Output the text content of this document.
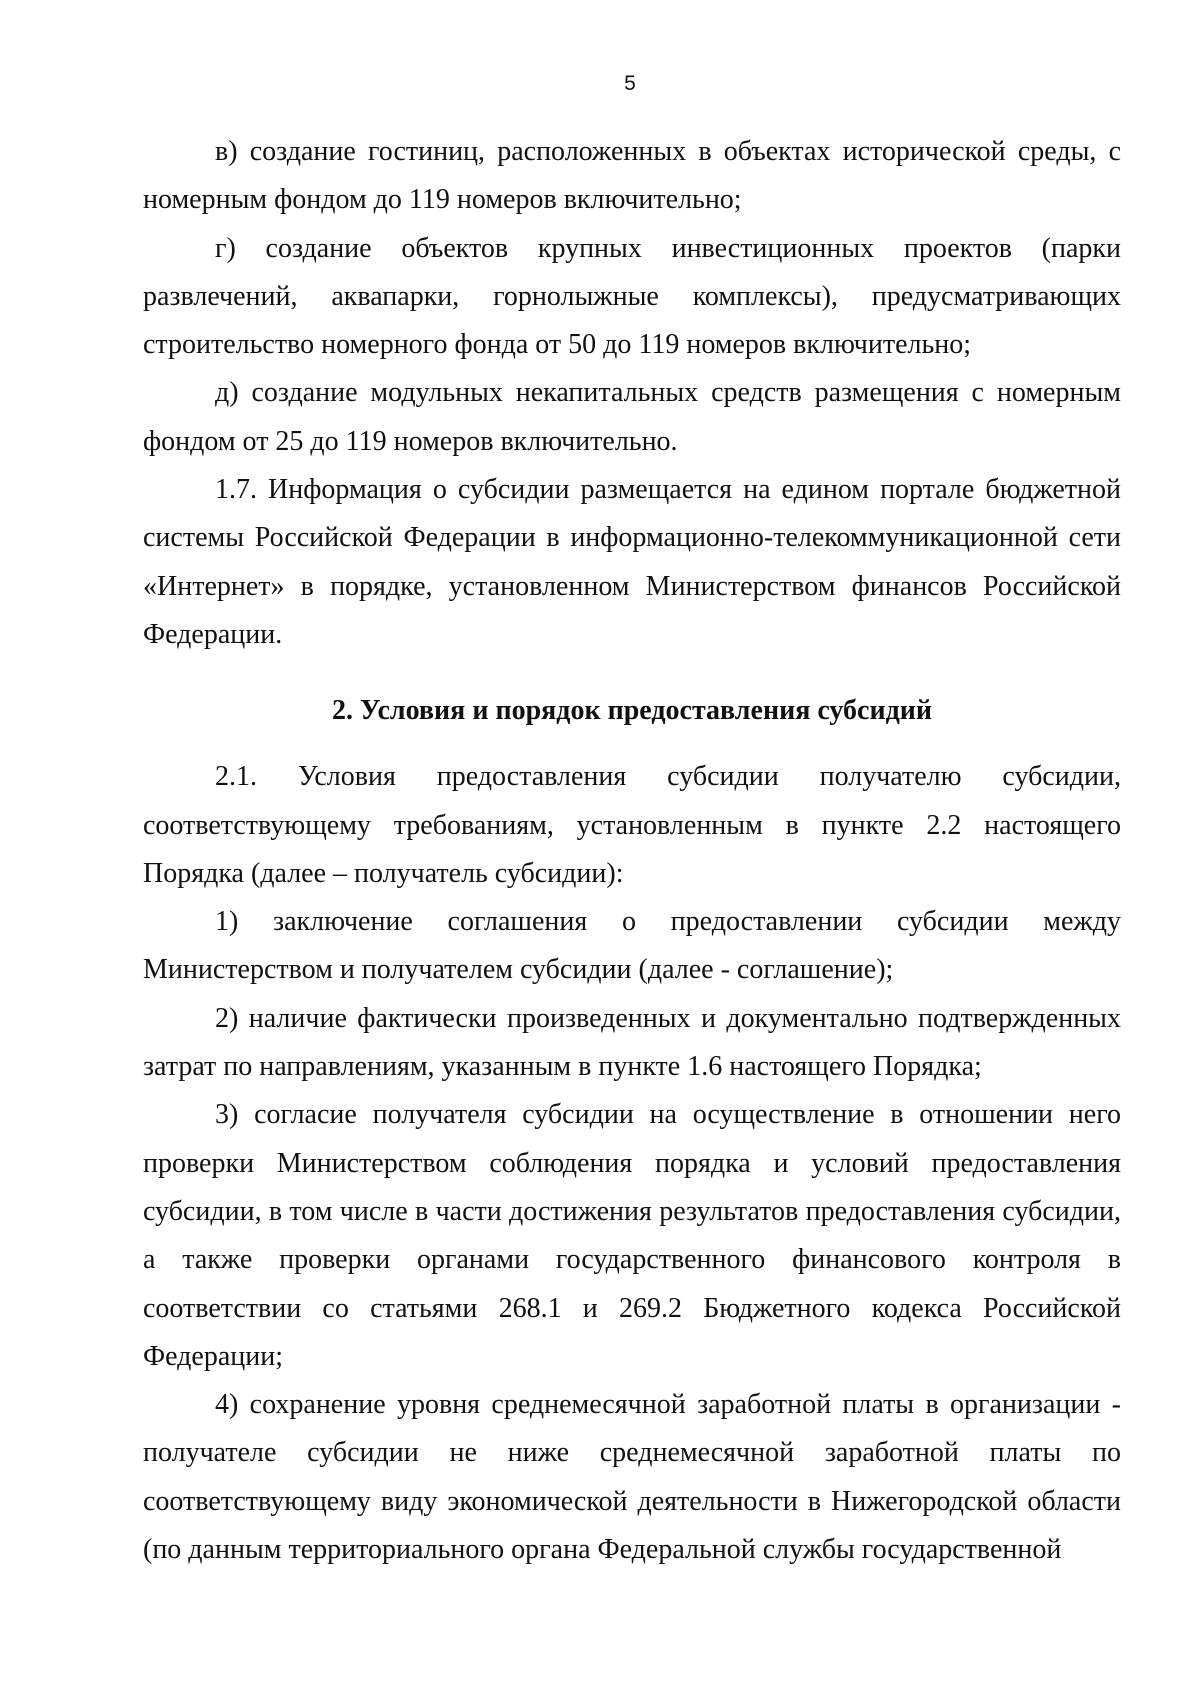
5

в) создание гостиниц, расположенных в объектах исторической среды, с номерным фондом до 119 номеров включительно;

г) создание объектов крупных инвестиционных проектов (парки развлечений, аквапарки, горнолыжные комплексы), предусматривающих строительство номерного фонда от 50 до 119 номеров включительно;

д) создание модульных некапитальных средств размещения с номерным фондом от 25 до 119 номеров включительно.

1.7. Информация о субсидии размещается на едином портале бюджетной системы Российской Федерации в информационно-телекоммуникационной сети «Интернет» в порядке, установленном Министерством финансов Российской Федерации.

2. Условия и порядок предоставления субсидий

2.1. Условия предоставления субсидии получателю субсидии, соответствующему требованиям, установленным в пункте 2.2 настоящего Порядка (далее – получатель субсидии):

1) заключение соглашения о предоставлении субсидии между Министерством и получателем субсидии (далее - соглашение);

2) наличие фактически произведенных и документально подтвержденных затрат по направлениям, указанным в пункте 1.6 настоящего Порядка;

3) согласие получателя субсидии на осуществление в отношении него проверки Министерством соблюдения порядка и условий предоставления субсидии, в том числе в части достижения результатов предоставления субсидии, а также проверки органами государственного финансового контроля в соответствии со статьями 268.1 и 269.2 Бюджетного кодекса Российской Федерации;

4) сохранение уровня среднемесячной заработной платы в организации - получателе субсидии не ниже среднемесячной заработной платы по соответствующему виду экономической деятельности в Нижегородской области (по данным территориального органа Федеральной службы государственной
